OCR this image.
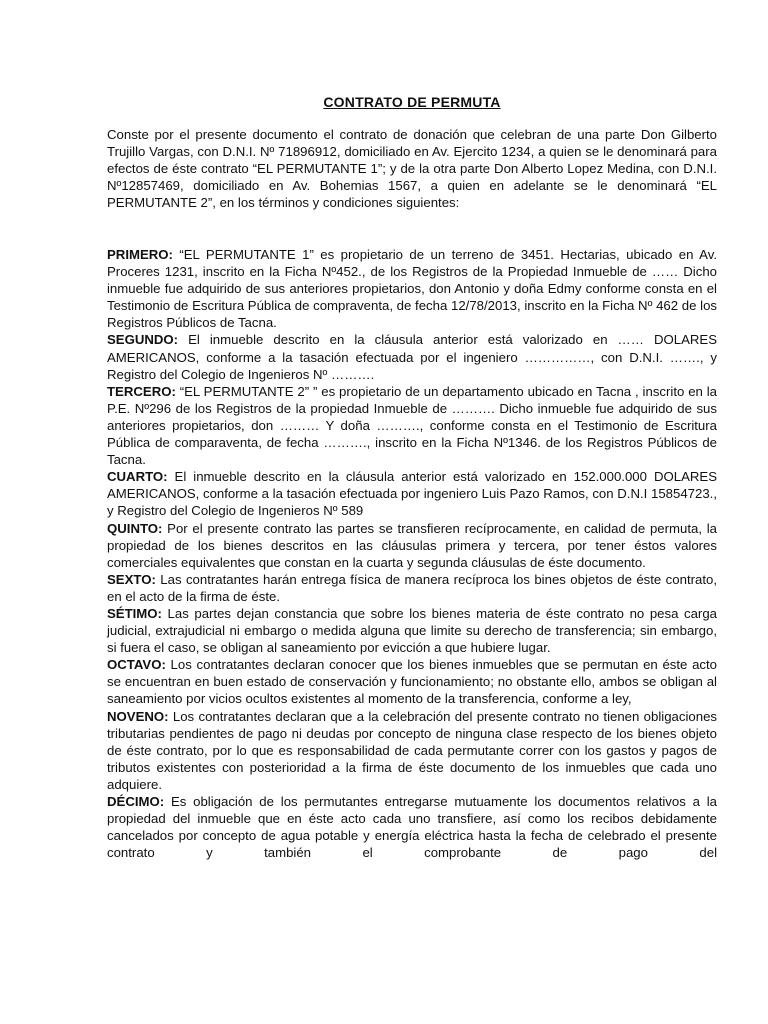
CONTRATO DE PERMUTA

Conste por el presente documento el contrato de donación que celebran de una parte Don Gilberto Trujillo Vargas, con D.N.I. Nº 71896912, domiciliado en Av. Ejercito 1234, a quien se le denominará para efectos de éste contrato “EL PERMUTANTE 1”; y de la otra parte Don Alberto Lopez Medina, con D.N.I. Nº12857469, domiciliado en Av. Bohemias 1567, a quien en adelante se le denominará “EL PERMUTANTE 2”, en los términos y condiciones siguientes:

PRIMERO: “EL PERMUTANTE 1” es propietario de un terreno de 3451. Hectarias, ubicado en Av. Proceres 1231, inscrito en la Ficha Nº452., de los Registros de la Propiedad Inmueble de …… Dicho inmueble fue adquirido de sus anteriores propietarios, don Antonio y doña Edmy conforme consta en el Testimonio de Escritura Pública de compraventa, de fecha 12/78/2013, inscrito en la Ficha Nº 462 de los Registros Públicos de Tacna.

SEGUNDO: El inmueble descrito en la cláusula anterior está valorizado en …… DOLARES AMERICANOS, conforme a la tasación efectuada por el ingeniero ……………, con D.N.I. ……., y Registro del Colegio de Ingenieros Nº ……….

TERCERO: “EL PERMUTANTE 2” ” es propietario de un departamento ubicado en Tacna , inscrito en la P.E. Nº296 de los Registros de la propiedad Inmueble de ………. Dicho inmueble fue adquirido de sus anteriores propietarios, don ……… Y doña ………., conforme consta en el Testimonio de Escritura Pública de comparaventa, de fecha ………., inscrito en la Ficha Nº1346. de los Registros Públicos de Tacna.

CUARTO: El inmueble descrito en la cláusula anterior está valorizado en 152.000.000 DOLARES AMERICANOS, conforme a la tasación efectuada por ingeniero Luis Pazo Ramos, con D.N.I 15854723., y Registro del Colegio de Ingenieros Nº 589

QUINTO: Por el presente contrato las partes se transfieren recíprocamente, en calidad de permuta, la propiedad de los bienes descritos en las cláusulas primera y tercera, por tener éstos valores comerciales equivalentes que constan en la cuarta y segunda cláusulas de éste documento.

SEXTO: Las contratantes harán entrega física de manera recíproca los bines objetos de éste contrato, en el acto de la firma de éste.

SÉTIMO: Las partes dejan constancia que sobre los bienes materia de éste contrato no pesa carga judicial, extrajudicial ni embargo o medida alguna que limite su derecho de transferencia; sin embargo, si fuera el caso, se obligan al saneamiento por evicción a que hubiere lugar.

OCTAVO: Los contratantes declaran conocer que los bienes inmuebles que se permutan en éste acto se encuentran en buen estado de conservación y funcionamiento; no obstante ello, ambos se obligan al saneamiento por vicios ocultos existentes al momento de la transferencia, conforme a ley,

NOVENO: Los contratantes declaran que a la celebración del presente contrato no tienen obligaciones tributarias pendientes de pago ni deudas por concepto de ninguna clase respecto de los bienes objeto de éste contrato, por lo que es responsabilidad de cada permutante correr con los gastos y pagos de tributos existentes con posterioridad a la firma de éste documento de los inmuebles que cada uno adquiere.

DÉCIMO: Es obligación de los permutantes entregarse mutuamente los documentos relativos a la propiedad del inmueble que en éste acto cada uno transfiere, así como los recibos debidamente cancelados por concepto de agua potable y energía eléctrica hasta la fecha de celebrado el presente contrato y también el comprobante de pago del
